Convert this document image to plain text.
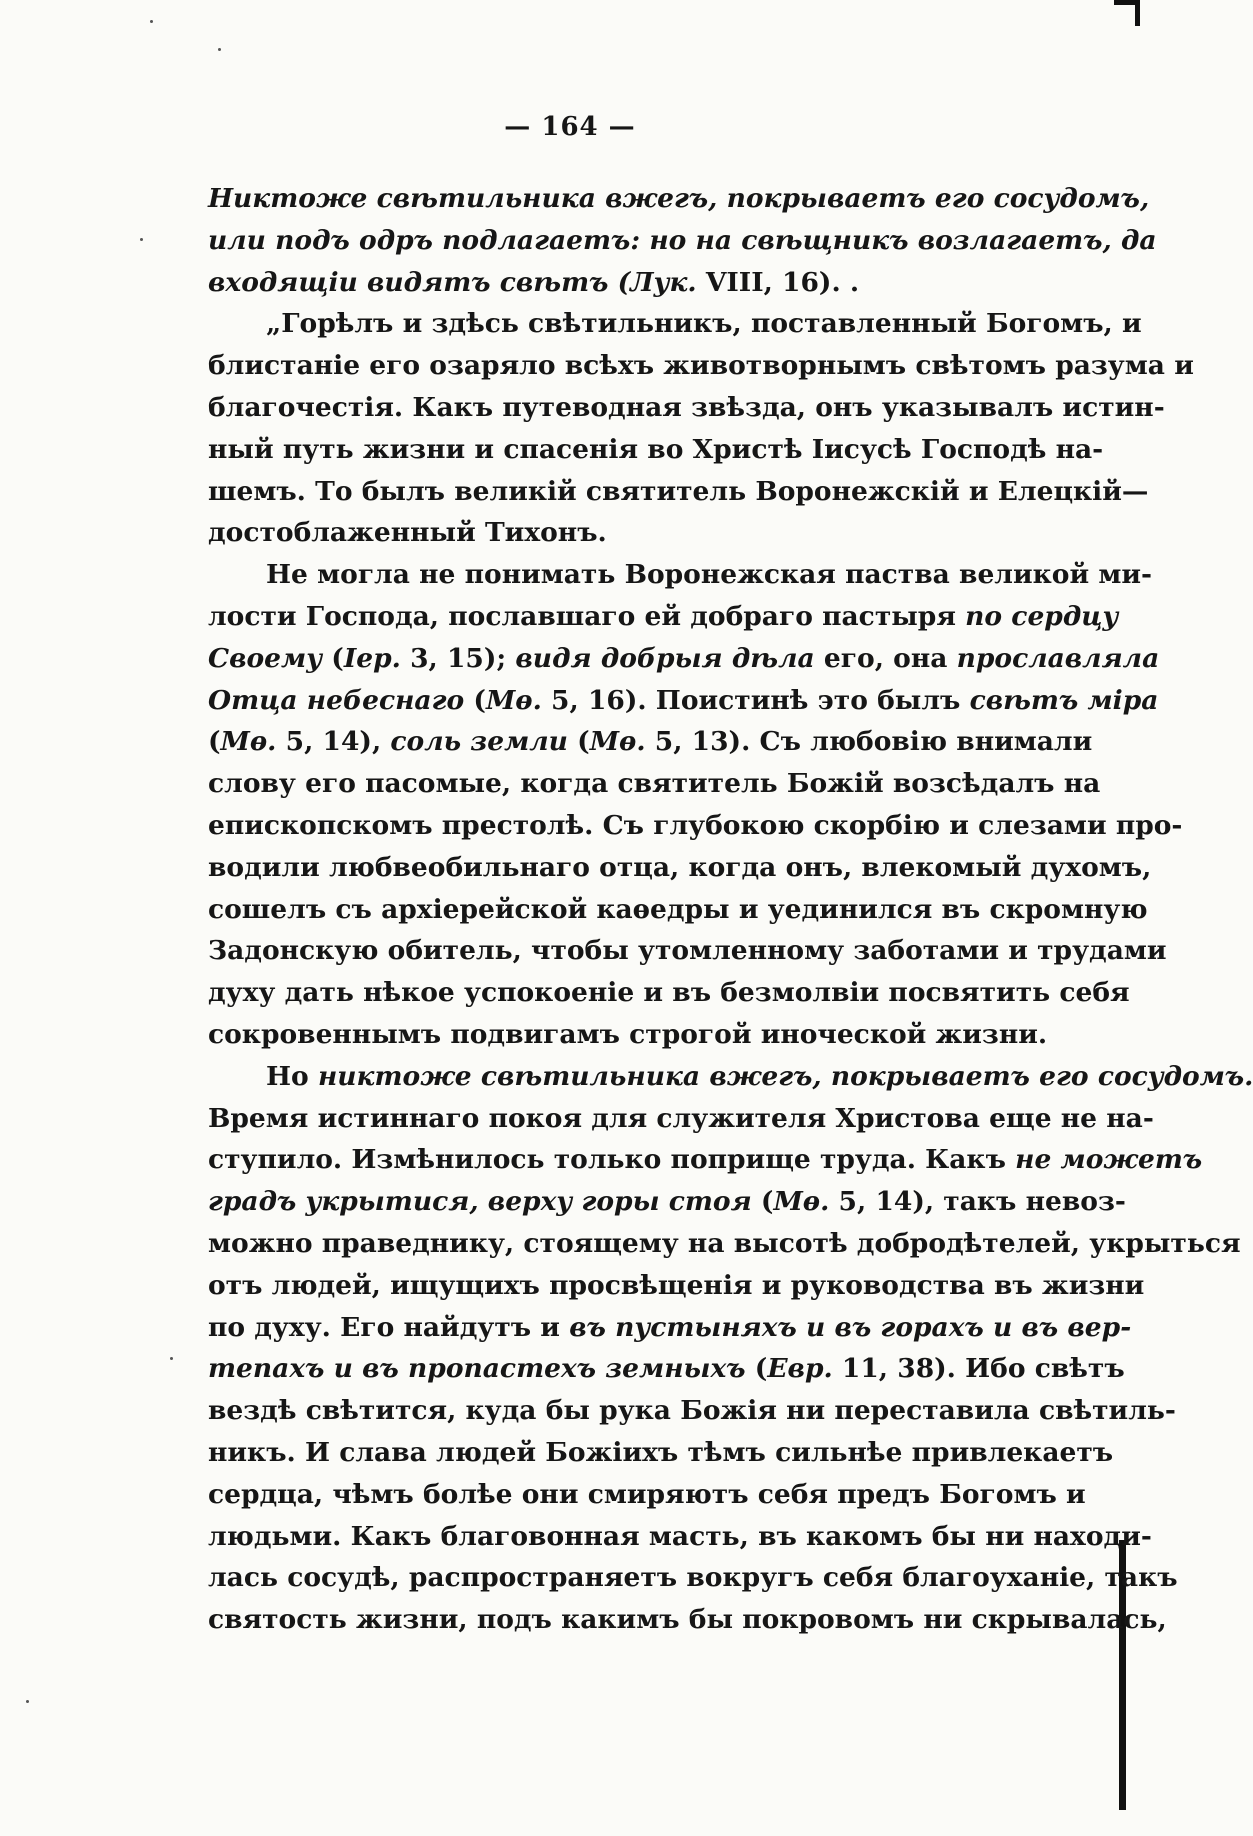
— 164 —
Никтоже свѣтильника вжегъ, покрываетъ его сосудомъ,
или подъ одръ подлагаетъ: но на свѣщникъ возлагаетъ, да
входящіи видятъ свѣтъ (Лук. VIII, 16). .
„Горѣлъ и здѣсь свѣтильникъ, поставленный Богомъ, и
блистаніе его озаряло всѣхъ животворнымъ свѣтомъ разума и
благочестія. Какъ путеводная звѣзда, онъ указывалъ истин-
ный путь жизни и спасенія во Христѣ Іисусѣ Господѣ на-
шемъ. То былъ великій святитель Воронежскій и Елецкій—
достоблаженный Тихонъ.
Не могла не понимать Воронежская паства великой ми-
лости Господа, пославшаго ей добраго пастыря по сердцу
Своему (Іер. 3, 15); видя добрыя дѣла его, она прославляла
Отца небеснаго (Мѳ. 5, 16). Поистинѣ это былъ свѣтъ міра
(Мѳ. 5, 14), соль земли (Мѳ. 5, 13). Съ любовію внимали
слову его пасомые, когда святитель Божій возсѣдалъ на
епископскомъ престолѣ. Съ глубокою скорбію и слезами про-
водили любвеобильнаго отца, когда онъ, влекомый духомъ,
сошелъ съ архіерейской каѳедры и уединился въ скромную
Задонскую обитель, чтобы утомленному заботами и трудами
духу дать нѣкое успокоеніе и въ безмолвіи посвятить себя
сокровеннымъ подвигамъ строгой иноческой жизни.
Но никтоже свѣтильника вжегъ, покрываетъ его сосудомъ.
Время истиннаго покоя для служителя Христова еще не на-
ступило. Измѣнилось только поприще труда. Какъ не можетъ
градъ укрытися, верху горы стоя (Мѳ. 5, 14), такъ невоз-
можно праведнику, стоящему на высотѣ добродѣтелей, укрыться
отъ людей, ищущихъ просвѣщенія и руководства въ жизни
по духу. Его найдутъ и въ пустыняхъ и въ горахъ и въ вер-
тепахъ и въ пропастехъ земныхъ (Евр. 11, 38). Ибо свѣтъ
вездѣ свѣтится, куда бы рука Божія ни переставила свѣтиль-
никъ. И слава людей Божіихъ тѣмъ сильнѣе привлекаетъ
сердца, чѣмъ болѣе они смиряютъ себя предъ Богомъ и
людьми. Какъ благовонная масть, въ какомъ бы ни находи-
лась сосудѣ, распространяетъ вокругъ себя благоуханіе, такъ
святость жизни, подъ какимъ бы покровомъ ни скрывалась,
